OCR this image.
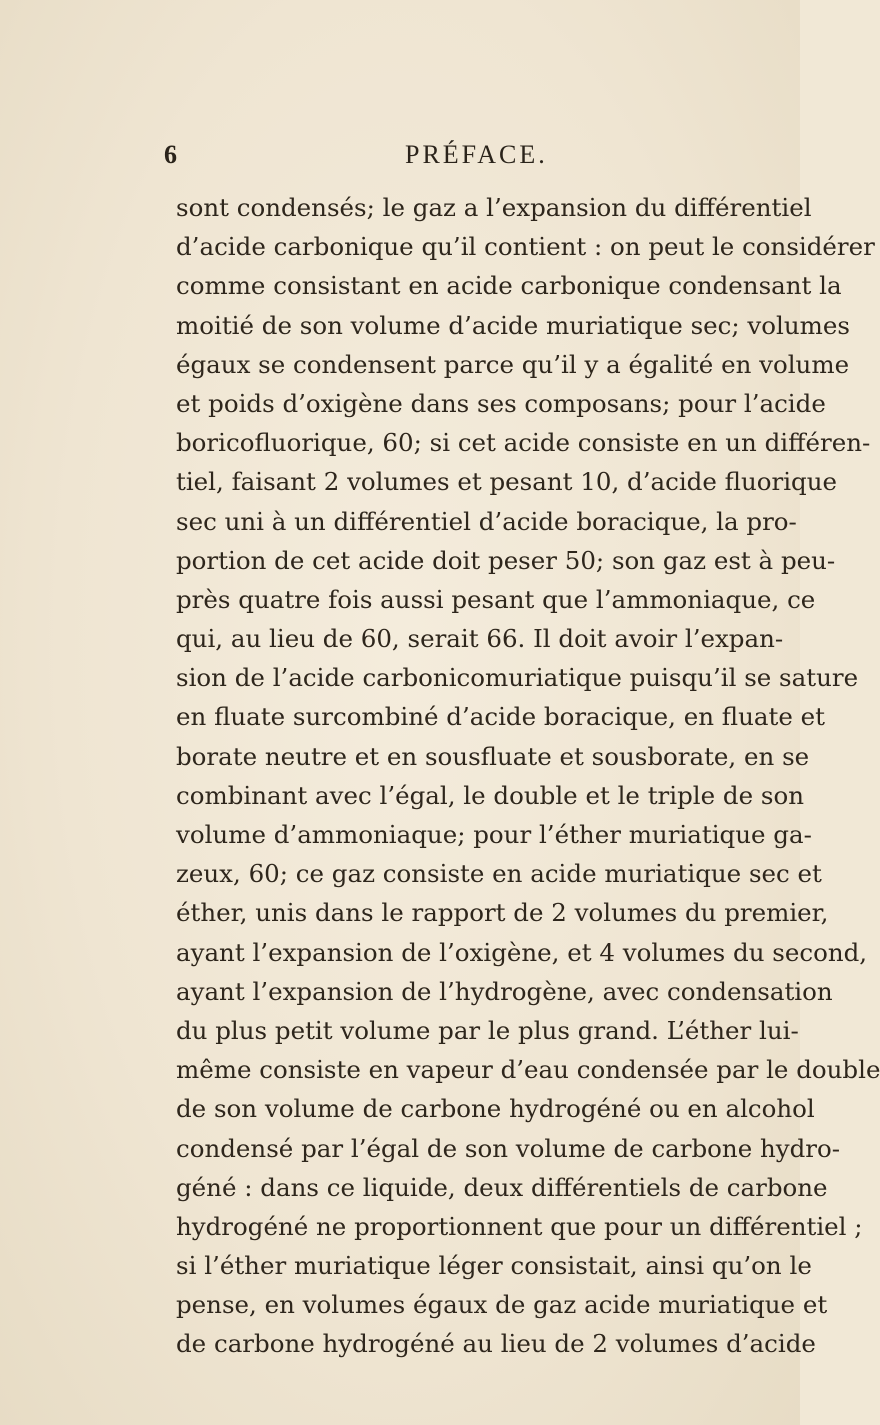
6	PRÉFACE.
sont condensés; le gaz a l’expansion du différentiel
d’acide carbonique qu’il contient : on peut le considérer
comme consistant en acide carbonique condensant la
moitié de son volume d’acide muriatique sec; volumes
égaux se condensent parce qu’il y a égalité en volume
et poids d’oxigène dans ses composans; pour l’acide
boricofluorique, 60; si cet acide consiste en un différen-
tiel, faisant 2 volumes et pesant 10, d’acide fluorique
sec uni à un différentiel d’acide boracique, la pro-
portion de cet acide doit peser 50; son gaz est à peu-
près quatre fois aussi pesant que l’ammoniaque, ce
qui, au lieu de 60, serait 66. Il doit avoir l’expan-
sion de l’acide carbonicomuriatique puisqu’il se sature
en fluate surcombiné d’acide boracique, en fluate et
borate neutre et en sousfluate et sousborate, en se
combinant avec l’égal, le double et le triple de son
volume d’ammoniaque; pour l’éther muriatique ga-
zeux, 60; ce gaz consiste en acide muriatique sec et
éther, unis dans le rapport de 2 volumes du premier,
ayant l’expansion de l’oxigène, et 4 volumes du second,
ayant l’expansion de l’hydrogène, avec condensation
du plus petit volume par le plus grand. L’éther lui-
même consiste en vapeur d’eau condensée par le double
de son volume de carbone hydrogéné ou en alcohol
condensé par l’égal de son volume de carbone hydro-
géné : dans ce liquide, deux différentiels de carbone
hydrogéné ne proportionnent que pour un différentiel ;
si l’éther muriatique léger consistait, ainsi qu’on le
pense, en volumes égaux de gaz acide muriatique et
de carbone hydrogéné au lieu de 2 volumes d’acide
